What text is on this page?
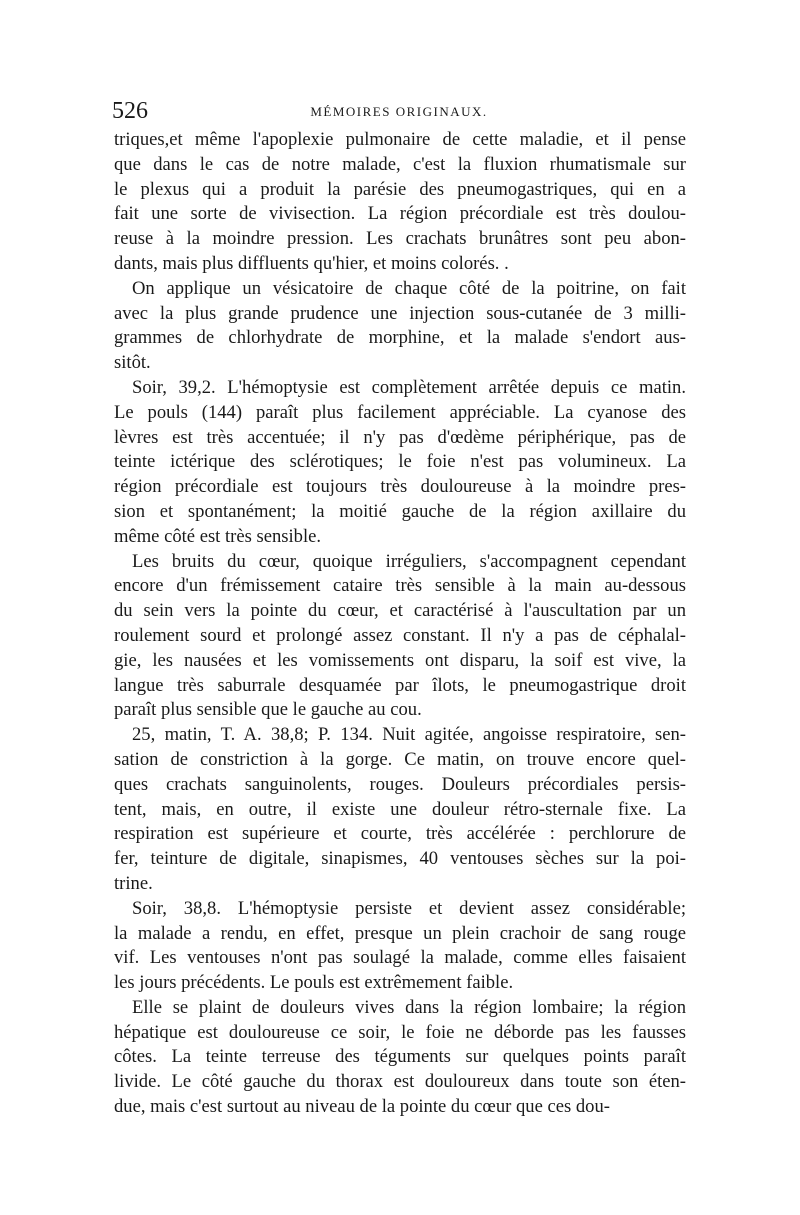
526	MÉMOIRES ORIGINAUX.
triques,et même l'apoplexie pulmonaire de cette maladie, et il pense
que dans le cas de notre malade, c'est la fluxion rhumatismale sur
le plexus qui a produit la parésie des pneumogastriques, qui en a
fait une sorte de vivisection. La région précordiale est très doulou-
reuse à la moindre pression. Les crachats brunâtres sont peu abon-
dants, mais plus diffluents qu'hier, et moins colorés. .
On applique un vésicatoire de chaque côté de la poitrine, on fait
avec la plus grande prudence une injection sous-cutanée de 3 milli-
grammes de chlorhydrate de morphine, et la malade s'endort aus-
sitôt.
Soir, 39,2. L'hémoptysie est complètement arrêtée depuis ce matin.
Le pouls (144) paraît plus facilement appréciable. La cyanose des
lèvres est très accentuée; il n'y pas d'œdème périphérique, pas de
teinte ictérique des sclérotiques; le foie n'est pas volumineux. La
région précordiale est toujours très douloureuse à la moindre pres-
sion et spontanément; la moitié gauche de la région axillaire du
même côté est très sensible.
Les bruits du cœur, quoique irréguliers, s'accompagnent cependant
encore d'un frémissement cataire très sensible à la main au-dessous
du sein vers la pointe du cœur, et caractérisé à l'auscultation par un
roulement sourd et prolongé assez constant. Il n'y a pas de céphalal-
gie, les nausées et les vomissements ont disparu, la soif est vive, la
langue très saburrale desquamée par îlots, le pneumogastrique droit
paraît plus sensible que le gauche au cou.
25, matin, T. A. 38,8; P. 134. Nuit agitée, angoisse respiratoire, sen-
sation de constriction à la gorge. Ce matin, on trouve encore quel-
ques crachats sanguinolents, rouges. Douleurs précordiales persis-
tent, mais, en outre, il existe une douleur rétro-sternale fixe. La
respiration est supérieure et courte, très accélérée : perchlorure de
fer, teinture de digitale, sinapismes, 40 ventouses sèches sur la poi-
trine.
Soir, 38,8. L'hémoptysie persiste et devient assez considérable;
la malade a rendu, en effet, presque un plein crachoir de sang rouge
vif. Les ventouses n'ont pas soulagé la malade, comme elles faisaient
les jours précédents. Le pouls est extrêmement faible.
Elle se plaint de douleurs vives dans la région lombaire; la région
hépatique est douloureuse ce soir, le foie ne déborde pas les fausses
côtes. La teinte terreuse des téguments sur quelques points paraît
livide. Le côté gauche du thorax est douloureux dans toute son éten-
due, mais c'est surtout au niveau de la pointe du cœur que ces dou-
